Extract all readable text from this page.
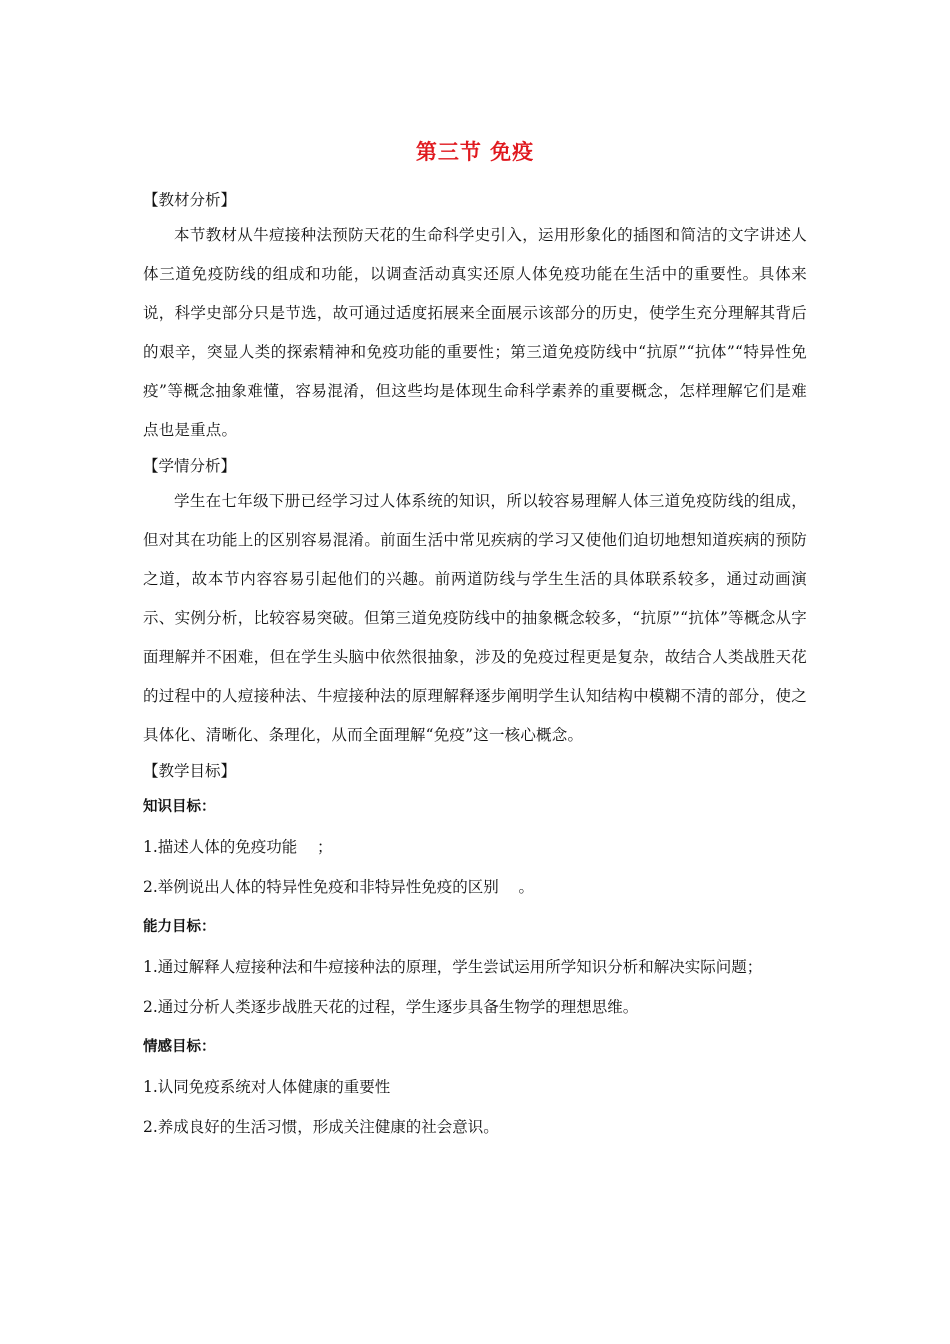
第三节 免疫
【教材分析】

本节教材从牛痘接种法预防天花的生命科学史引入，运用形象化的插图和简洁的文字讲述人体三道免疫防线的组成和功能，以调查活动真实还原人体免疫功能在生活中的重要性。具体来说，科学史部分只是节选，故可通过适度拓展来全面展示该部分的历史，使学生充分理解其背后的艰辛，突显人类的探索精神和免疫功能的重要性；第三道免疫防线中“抗原”“抗体”“特异性免疫”等概念抽象难懂，容易混淆，但这些均是体现生命科学素养的重要概念，怎样理解它们是难点也是重点。

【学情分析】

学生在七年级下册已经学习过人体系统的知识，所以较容易理解人体三道免疫防线的组成，但对其在功能上的区别容易混淆。前面生活中常见疾病的学习又使他们迫切地想知道疾病的预防之道，故本节内容容易引起他们的兴趣。前两道防线与学生生活的具体联系较多，通过动画演示、实例分析，比较容易突破。但第三道免疫防线中的抽象概念较多，“抗原”“抗体”等概念从字面理解并不困难，但在学生头脑中依然很抽象，涉及的免疫过程更是复杂，故结合人类战胜天花的过程中的人痘接种法、牛痘接种法的原理解释逐步阐明学生认知结构中模糊不清的部分，使之具体化、清晰化、条理化，从而全面理解“免疫”这一核心概念。

【教学目标】
知识目标：
1.描述人体的免疫功能    ；
2.举例说出人体的特异性免疫和非特异性免疫的区别    。
能力目标：
1.通过解释人痘接种法和牛痘接种法的原理，学生尝试运用所学知识分析和解决实际问题；
2.通过分析人类逐步战胜天花的过程，学生逐步具备生物学的理想思维。
情感目标：
1.认同免疫系统对人体健康的重要性
2.养成良好的生活习惯，形成关注健康的社会意识。
